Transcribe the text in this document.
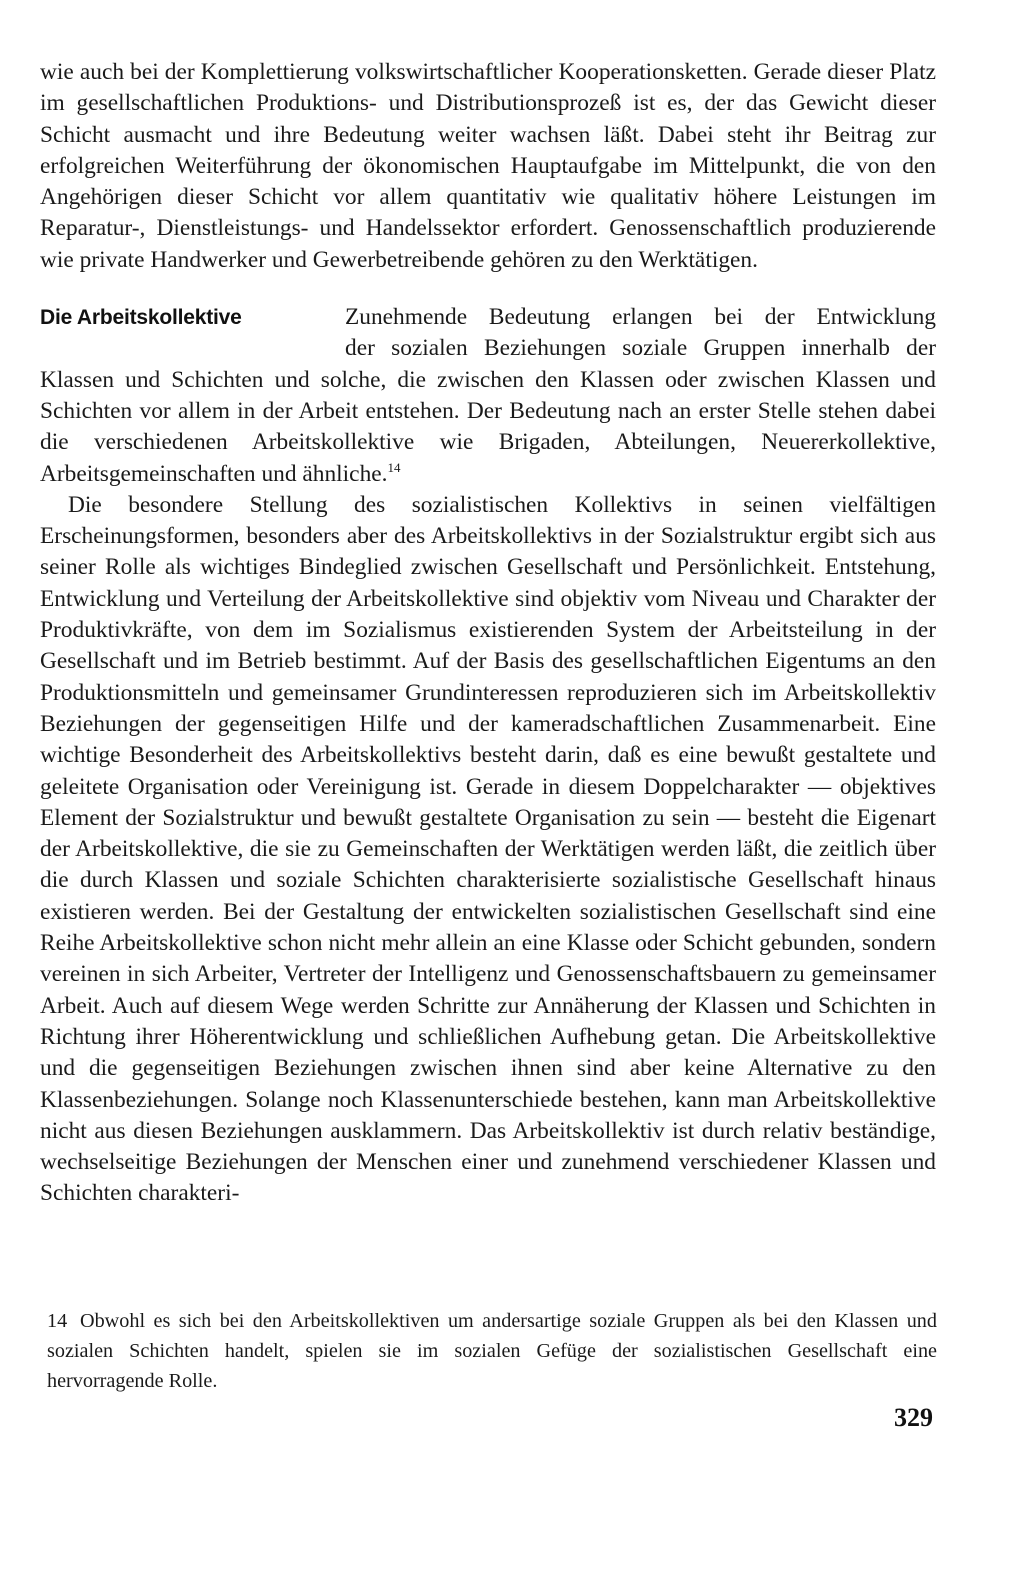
wie auch bei der Komplettierung volkswirtschaftlicher Kooperationsketten. Gerade dieser Platz im gesellschaftlichen Produktions- und Distributionsprozeß ist es, der das Gewicht dieser Schicht ausmacht und ihre Bedeutung weiter wachsen läßt. Dabei steht ihr Beitrag zur erfolgreichen Weiterführung der ökonomischen Hauptaufgabe im Mittelpunkt, die von den Angehörigen dieser Schicht vor allem quantitativ wie qualitativ höhere Leistungen im Reparatur-, Dienstleistungs- und Handelssektor erfordert. Genossenschaftlich produzierende wie private Handwerker und Gewerbetreibende gehören zu den Werktätigen.

Die Arbeitskollektive	Zunehmende Bedeutung erlangen bei der Entwicklung
der sozialen Beziehungen soziale Gruppen innerhalb der

Klassen und Schichten und solche, die zwischen den Klassen oder zwischen Klassen und Schichten vor allem in der Arbeit entstehen. Der Bedeutung nach an erster Stelle stehen dabei die verschiedenen Arbeitskollektive wie Brigaden, Abteilungen, Neuererkollektive, Arbeitsgemeinschaften und ähnliche.$^{14}$

Die besondere Stellung des sozialistischen Kollektivs in seinen vielfältigen Erscheinungsformen, besonders aber des Arbeitskollektivs in der Sozialstruktur ergibt sich aus seiner Rolle als wichtiges Bindeglied zwischen Gesellschaft und Persönlichkeit. Entstehung, Entwicklung und Verteilung der Arbeitskollektive sind objektiv vom Niveau und Charakter der Produktivkräfte, von dem im Sozialismus existierenden System der Arbeitsteilung in der Gesellschaft und im Betrieb bestimmt. Auf der Basis des gesellschaftlichen Eigentums an den Produktionsmitteln und gemeinsamer Grundinteressen reproduzieren sich im Arbeitskollektiv Beziehungen der gegenseitigen Hilfe und der kameradschaftlichen Zusammenarbeit. Eine wichtige Besonderheit des Arbeitskollektivs besteht darin, daß es eine bewußt gestaltete und geleitete Organisation oder Vereinigung ist. Gerade in diesem Doppelcharakter — objektives Element der Sozialstruktur und bewußt gestaltete Organisation zu sein — besteht die Eigenart der Arbeitskollektive, die sie zu Gemeinschaften der Werktätigen werden läßt, die zeitlich über die durch Klassen und soziale Schichten charakterisierte sozialistische Gesellschaft hinaus existieren werden. Bei der Gestaltung der entwickelten sozialistischen Gesellschaft sind eine Reihe Arbeitskollektive schon nicht mehr allein an eine Klasse oder Schicht gebunden, sondern vereinen in sich Arbeiter, Vertreter der Intelligenz und Genossenschaftsbauern zu gemeinsamer Arbeit. Auch auf diesem Wege werden Schritte zur Annäherung der Klassen und Schichten in Richtung ihrer Höherentwicklung und schließlichen Aufhebung getan. Die Arbeitskollektive und die gegenseitigen Beziehungen zwischen ihnen sind aber keine Alternative zu den Klassenbeziehungen. Solange noch Klassenunterschiede bestehen, kann man Arbeitskollektive nicht aus diesen Beziehungen ausklammern. Das Arbeitskollektiv ist durch relativ beständige, wechselseitige Beziehungen der Menschen einer und zunehmend verschiedener Klassen und Schichten charakteri-

14 Obwohl es sich bei den Arbeitskollektiven um andersartige soziale Gruppen als bei den Klassen und sozialen Schichten handelt, spielen sie im sozialen Gefüge der sozialistischen Gesellschaft eine hervorragende Rolle.
329
